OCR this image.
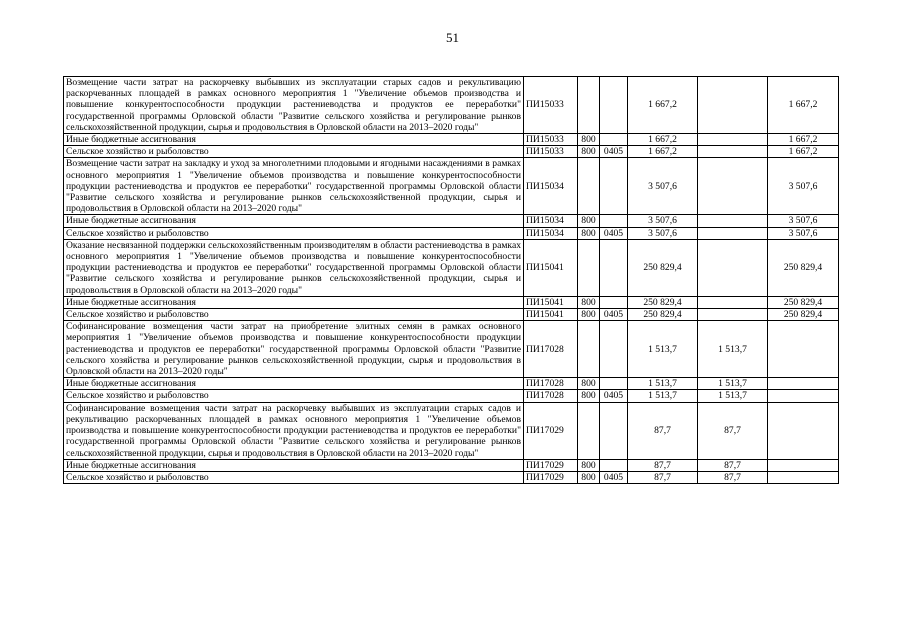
51
Возмещение части затрат на раскорчевку выбывших из эксплуатации старых садов и рекультивацию раскорчеванных площадей в рамках основного мероприятия 1 "Увеличение объемов производства и повышение конкурентоспособности продукции растениеводства и продуктов ее переработки" государственной программы Орловской области "Развитие сельского хозяйства и регулирование рынков сельскохозяйственной продукции, сырья и продовольствия в Орловской области на 2013–2020 годы"	ПИ15033			1 667,2		1 667,2
Иные бюджетные ассигнования	ПИ15033	800		1 667,2		1 667,2
Сельское хозяйство и рыболовство	ПИ15033	800	0405	1 667,2		1 667,2
Возмещение части затрат на закладку и уход за многолетними плодовыми и ягодными насаждениями в рамках основного мероприятия 1 "Увеличение объемов производства и повышение конкурентоспособности продукции растениеводства и продуктов ее переработки" государственной программы Орловской области "Развитие сельского хозяйства и регулирование рынков сельскохозяйственной продукции, сырья и продовольствия в Орловской области на 2013–2020 годы"	ПИ15034			3 507,6		3 507,6
Иные бюджетные ассигнования	ПИ15034	800		3 507,6		3 507,6
Сельское хозяйство и рыболовство	ПИ15034	800	0405	3 507,6		3 507,6
Оказание несвязанной поддержки сельскохозяйственным производителям в области растениеводства в рамках основного мероприятия 1 "Увеличение объемов производства и повышение конкурентоспособности продукции растениеводства и продуктов ее переработки" государственной программы Орловской области "Развитие сельского хозяйства и регулирование рынков сельскохозяйственной продукции, сырья и продовольствия в Орловской области на 2013–2020 годы"	ПИ15041			250 829,4		250 829,4
Иные бюджетные ассигнования	ПИ15041	800		250 829,4		250 829,4
Сельское хозяйство и рыболовство	ПИ15041	800	0405	250 829,4		250 829,4
Софинансирование возмещения части затрат на приобретение элитных семян в рамках основного мероприятия 1 "Увеличение объемов производства и повышение конкурентоспособности продукции растениеводства и продуктов ее переработки" государственной программы Орловской области "Развитие сельского хозяйства и регулирование рынков сельскохозяйственной продукции, сырья и продовольствия в Орловской области на 2013–2020 годы"	ПИ17028			1 513,7	1 513,7	
Иные бюджетные ассигнования	ПИ17028	800		1 513,7	1 513,7	
Сельское хозяйство и рыболовство	ПИ17028	800	0405	1 513,7	1 513,7	
Софинансирование возмещения части затрат на раскорчевку выбывших из эксплуатации старых садов и рекультивацию раскорчеванных площадей в рамках основного мероприятия 1 "Увеличение объемов производства и повышение конкурентоспособности продукции растениеводства и продуктов ее переработки" государственной программы Орловской области "Развитие сельского хозяйства и регулирование рынков сельскохозяйственной продукции, сырья и продовольствия в Орловской области на 2013–2020 годы"	ПИ17029			87,7	87,7	
Иные бюджетные ассигнования	ПИ17029	800		87,7	87,7	
Сельское хозяйство и рыболовство	ПИ17029	800	0405	87,7	87,7	
